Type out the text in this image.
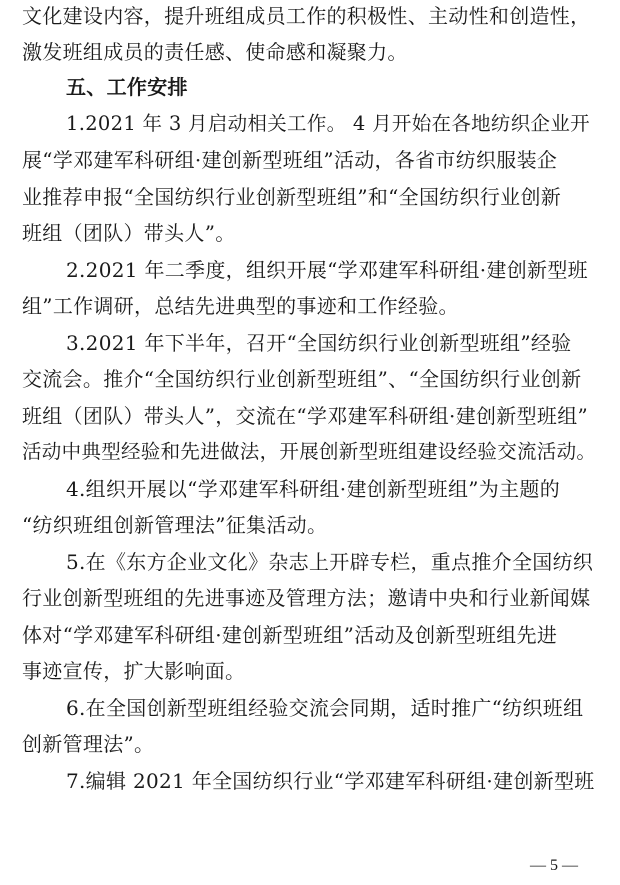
文化建设内容，提升班组成员工作的积极性、主动性和创造性，
激发班组成员的责任感、使命感和凝聚力。
五、工作安排
1.2021 年 3 月启动相关工作。 4 月开始在各地纺织企业开
展“学邓建军科研组·建创新型班组”活动，各省市纺织服装企
业推荐申报“全国纺织行业创新型班组”和“全国纺织行业创新
班组（团队）带头人”。
2.2021 年二季度，组织开展“学邓建军科研组·建创新型班
组”工作调研，总结先进典型的事迹和工作经验。
3.2021 年下半年，召开“全国纺织行业创新型班组”经验
交流会。推介“全国纺织行业创新型班组”、“全国纺织行业创新
班组（团队）带头人”，交流在“学邓建军科研组·建创新型班组”
活动中典型经验和先进做法，开展创新型班组建设经验交流活动。
4.组织开展以“学邓建军科研组·建创新型班组”为主题的
“纺织班组创新管理法”征集活动。
5.在《东方企业文化》杂志上开辟专栏，重点推介全国纺织
行业创新型班组的先进事迹及管理方法；邀请中央和行业新闻媒
体对“学邓建军科研组·建创新型班组”活动及创新型班组先进
事迹宣传，扩大影响面。
6.在全国创新型班组经验交流会同期，适时推广“纺织班组
创新管理法”。
7.编辑 2021 年全国纺织行业“学邓建军科研组·建创新型班
— 5 —
